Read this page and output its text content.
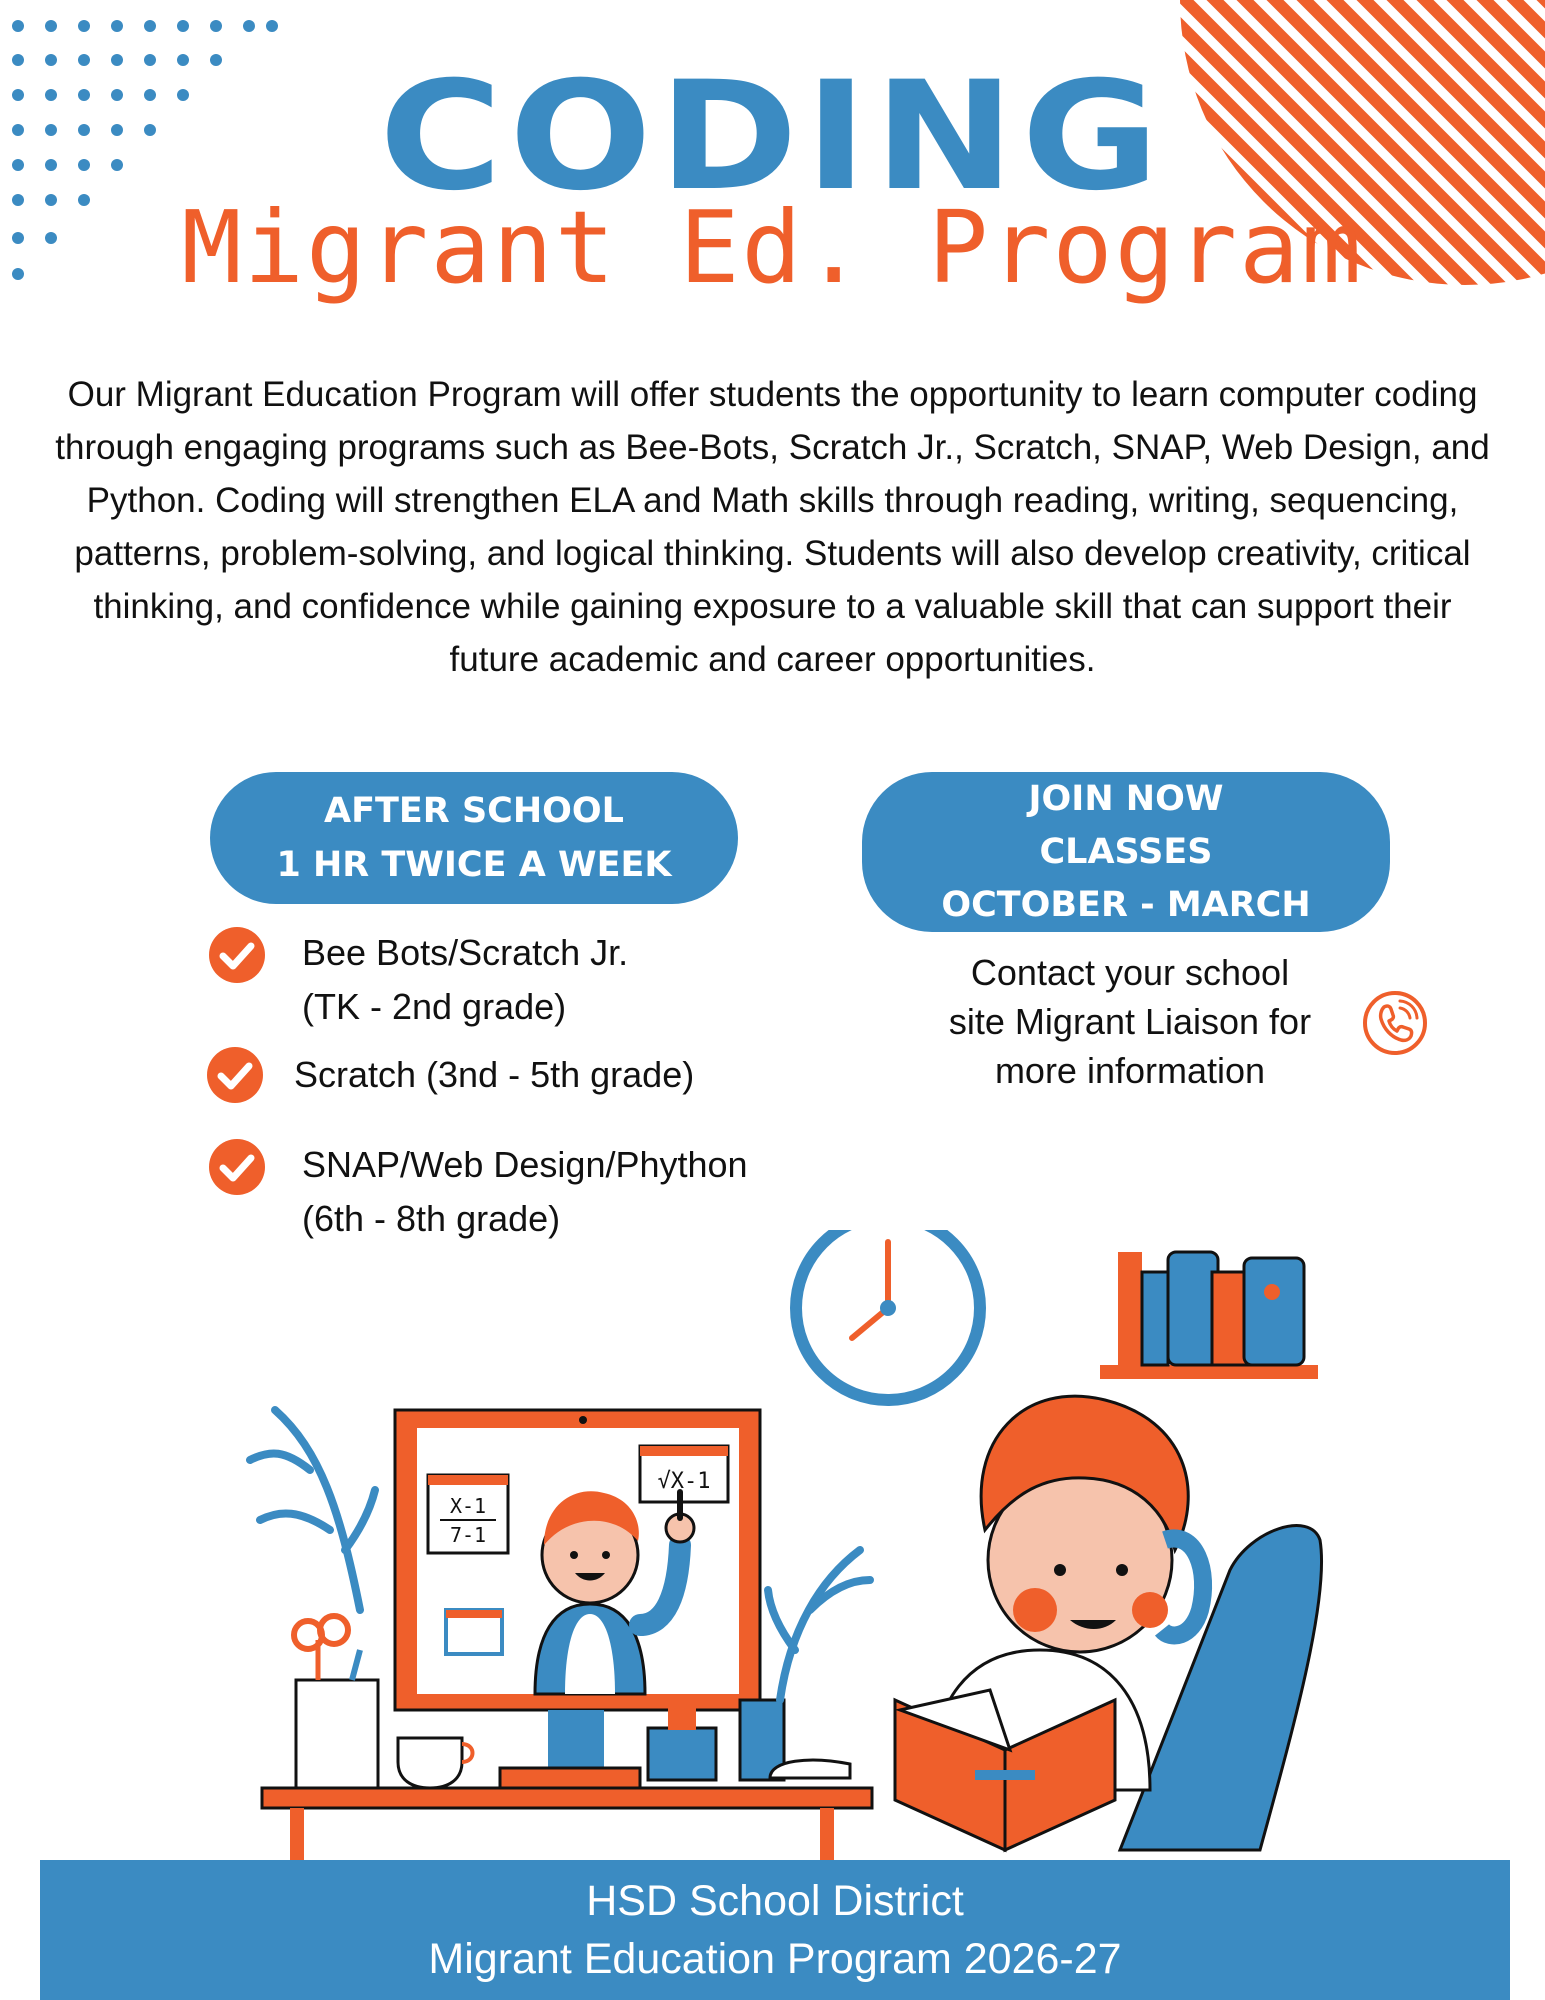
CODING
Migrant Ed. Program
Our Migrant Education Program will offer students the opportunity to learn computer coding through engaging programs such as Bee-Bots, Scratch Jr., Scratch, SNAP, Web Design, and Python. Coding will strengthen ELA and Math skills through reading, writing, sequencing, patterns, problem-solving, and logical thinking. Students will also develop creativity, critical thinking, and confidence while gaining exposure to a valuable skill that can support their future academic and career opportunities.
AFTER SCHOOL
1 HR TWICE A WEEK
JOIN NOW
CLASSES
OCTOBER - MARCH
Bee Bots/Scratch Jr.
(TK - 2nd grade)
Scratch (3nd - 5th grade)
SNAP/Web Design/Phython
(6th - 8th grade)
Contact your school
site Migrant Liaison for
more information
X-1
7-1
√X-1
HSD School District
Migrant Education Program 2026-27
